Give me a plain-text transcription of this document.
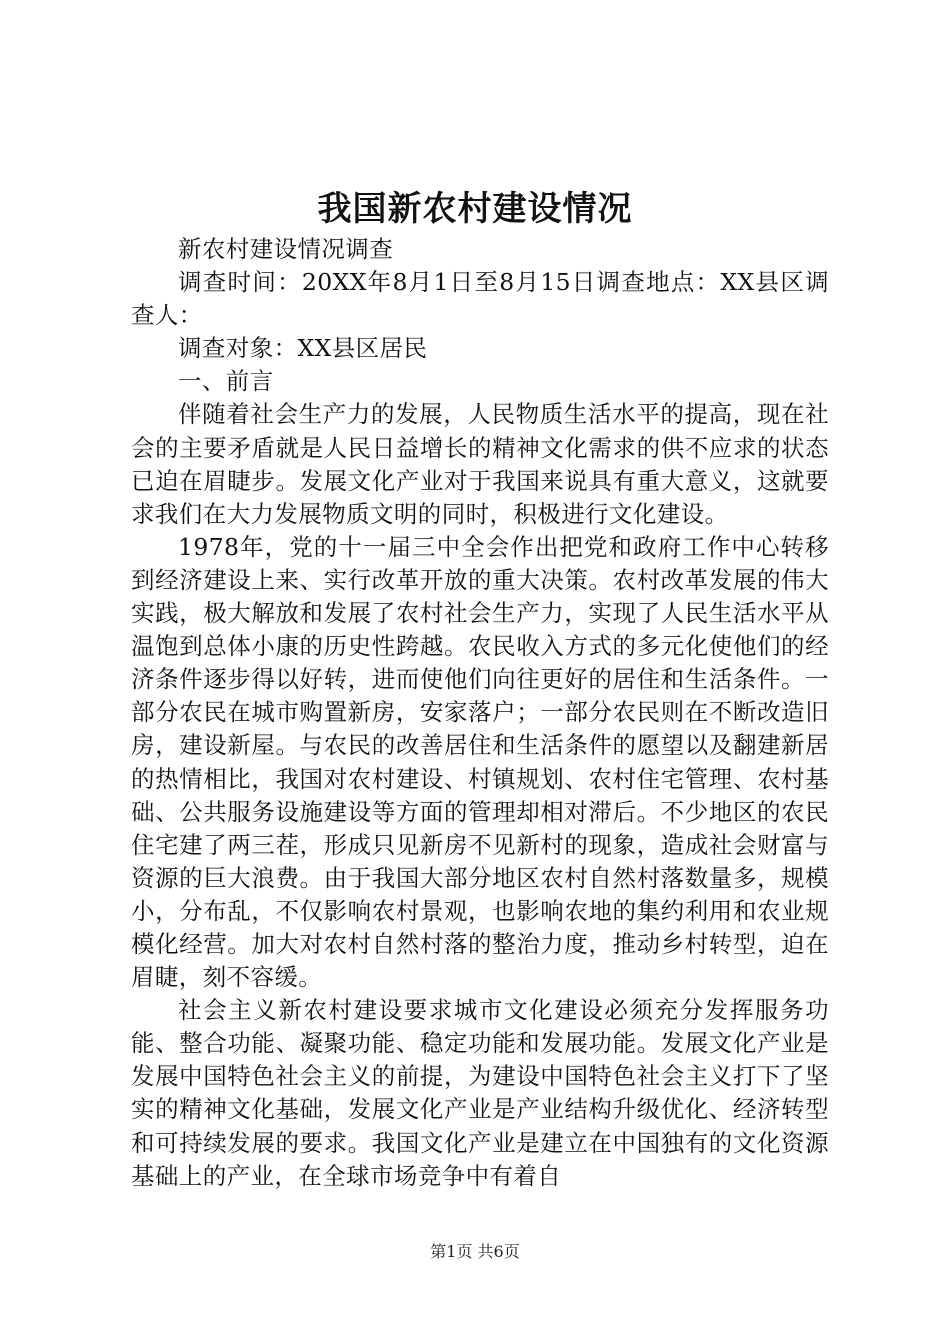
我国新农村建设情况

新农村建设情况调查

调查时间：20XX年8月1日至8月15日调查地点：XX县区调查人：

调查对象：XX县区居民

一、前言

伴随着社会生产力的发展，人民物质生活水平的提高，现在社会的主要矛盾就是人民日益增长的精神文化需求的供不应求的状态已迫在眉睫步。发展文化产业对于我国来说具有重大意义，这就要求我们在大力发展物质文明的同时，积极进行文化建设。

1978年，党的十一届三中全会作出把党和政府工作中心转移到经济建设上来、实行改革开放的重大决策。农村改革发展的伟大实践，极大解放和发展了农村社会生产力，实现了人民生活水平从温饱到总体小康的历史性跨越。农民收入方式的多元化使他们的经济条件逐步得以好转，进而使他们向往更好的居住和生活条件。一部分农民在城市购置新房，安家落户；一部分农民则在不断改造旧房，建设新屋。与农民的改善居住和生活条件的愿望以及翻建新居的热情相比，我国对农村建设、村镇规划、农村住宅管理、农村基础、公共服务设施建设等方面的管理却相对滞后。不少地区的农民住宅建了两三茬，形成只见新房不见新村的现象，造成社会财富与资源的巨大浪费。由于我国大部分地区农村自然村落数量多，规模小，分布乱，不仅影响农村景观，也影响农地的集约利用和农业规模化经营。加大对农村自然村落的整治力度，推动乡村转型，迫在眉睫，刻不容缓。

社会主义新农村建设要求城市文化建设必须充分发挥服务功能、整合功能、凝聚功能、稳定功能和发展功能。发展文化产业是发展中国特色社会主义的前提，为建设中国特色社会主义打下了坚实的精神文化基础，发展文化产业是产业结构升级优化、经济转型和可持续发展的要求。我国文化产业是建立在中国独有的文化资源基础上的产业，在全球市场竞争中有着自

第1页 共6页
